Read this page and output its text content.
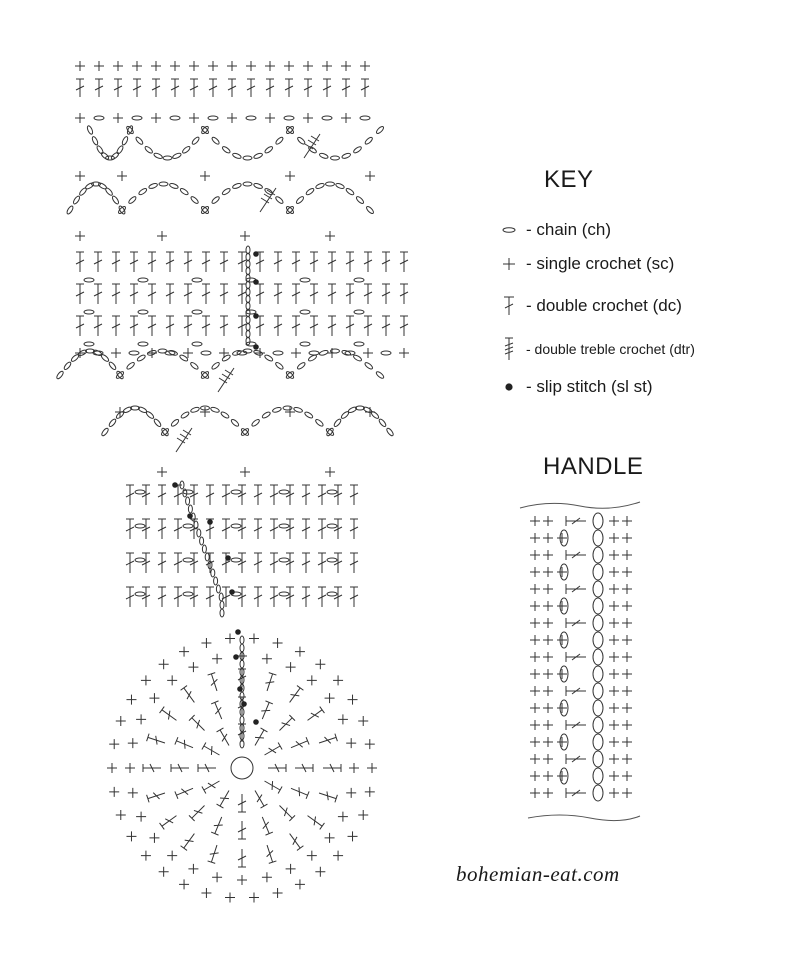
KEY
- chain (ch)
- single crochet (sc)
- double crochet (dc)
- double treble crochet (dtr)
- slip stitch (sl st)
HANDLE
bohemian-eat.com
